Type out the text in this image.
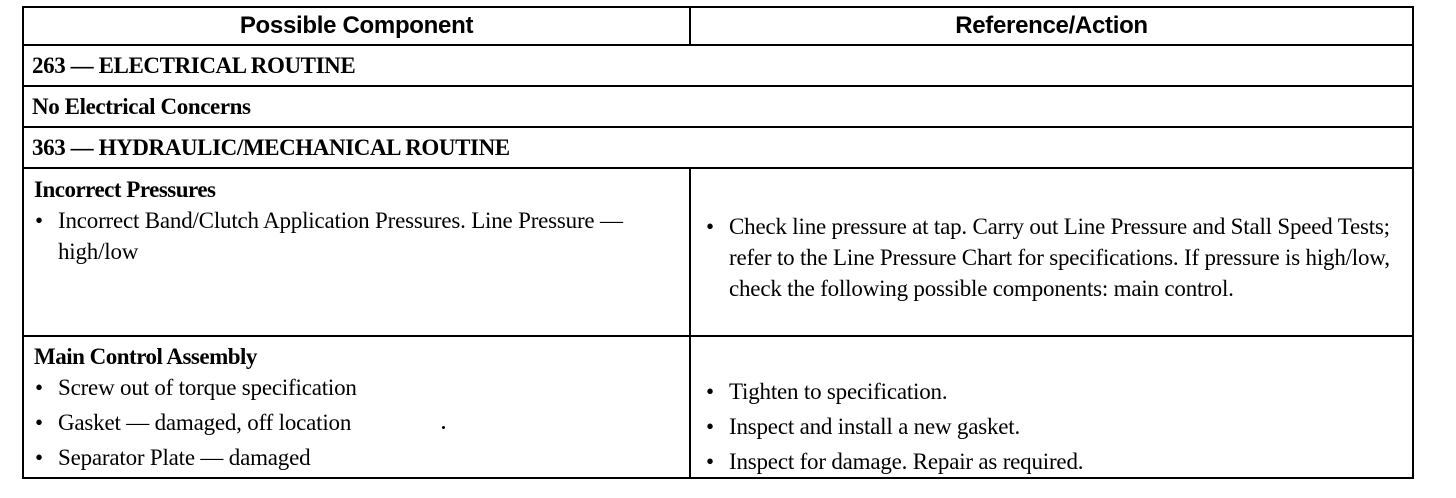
Possible Component	Reference/Action
263 — ELECTRICAL ROUTINE
No Electrical Concerns
363 — HYDRAULIC/MECHANICAL ROUTINE
Incorrect Pressures
• Incorrect Band/Clutch Application Pressures. Line Pressure — high/low
• Check line pressure at tap. Carry out Line Pressure and Stall Speed Tests; refer to the Line Pressure Chart for specifications. If pressure is high/low, check the following possible components: main control.
Main Control Assembly
• Screw out of torque specification
• Gasket — damaged, off location
• Separator Plate — damaged
• Tighten to specification.
• Inspect and install a new gasket.
• Inspect for damage. Repair as required.
